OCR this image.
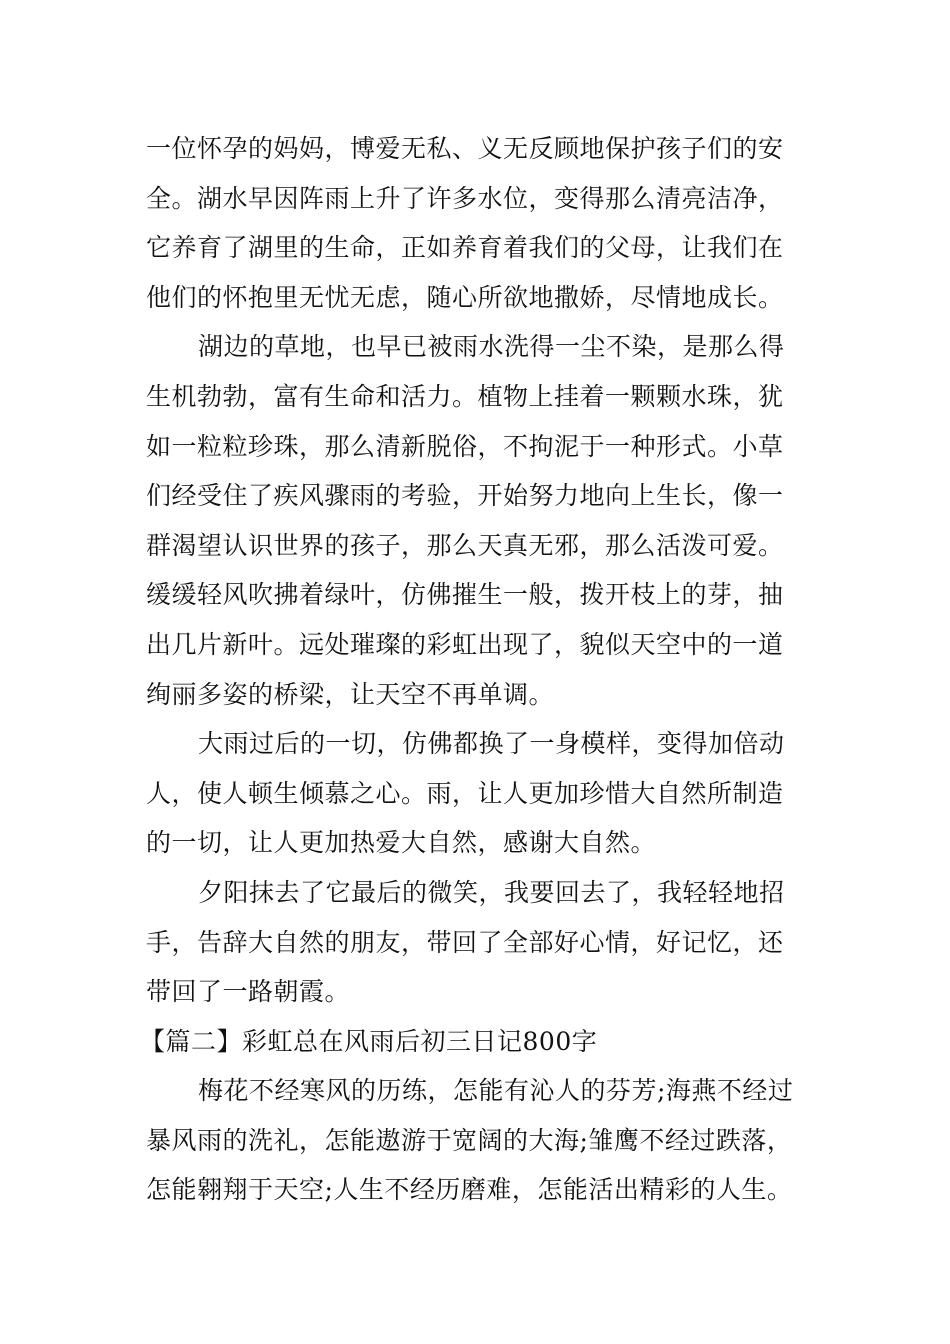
一位怀孕的妈妈，博爱无私、义无反顾地保护孩子们的安
全。湖水早因阵雨上升了许多水位，变得那么清亮洁净，
它养育了湖里的生命，正如养育着我们的父母，让我们在
他们的怀抱里无忧无虑，随心所欲地撒娇，尽情地成长。
湖边的草地，也早已被雨水洗得一尘不染，是那么得
生机勃勃，富有生命和活力。植物上挂着一颗颗水珠，犹
如一粒粒珍珠，那么清新脱俗，不拘泥于一种形式。小草
们经受住了疾风骤雨的考验，开始努力地向上生长，像一
群渴望认识世界的孩子，那么天真无邪，那么活泼可爱。
缓缓轻风吹拂着绿叶，仿佛摧生一般，拨开枝上的芽，抽
出几片新叶。远处璀璨的彩虹出现了，貌似天空中的一道
绚丽多姿的桥梁，让天空不再单调。
大雨过后的一切，仿佛都换了一身模样，变得加倍动
人，使人顿生倾慕之心。雨，让人更加珍惜大自然所制造
的一切，让人更加热爱大自然，感谢大自然。
夕阳抹去了它最后的微笑，我要回去了，我轻轻地招
手，告辞大自然的朋友，带回了全部好心情，好记忆，还
带回了一路朝霞。
【篇二】彩虹总在风雨后初三日记800字
梅花不经寒风的历练，怎能有沁人的芬芳;海燕不经过
暴风雨的洗礼，怎能遨游于宽阔的大海;雏鹰不经过跌落，
怎能翱翔于天空;人生不经历磨难，怎能活出精彩的人生。
